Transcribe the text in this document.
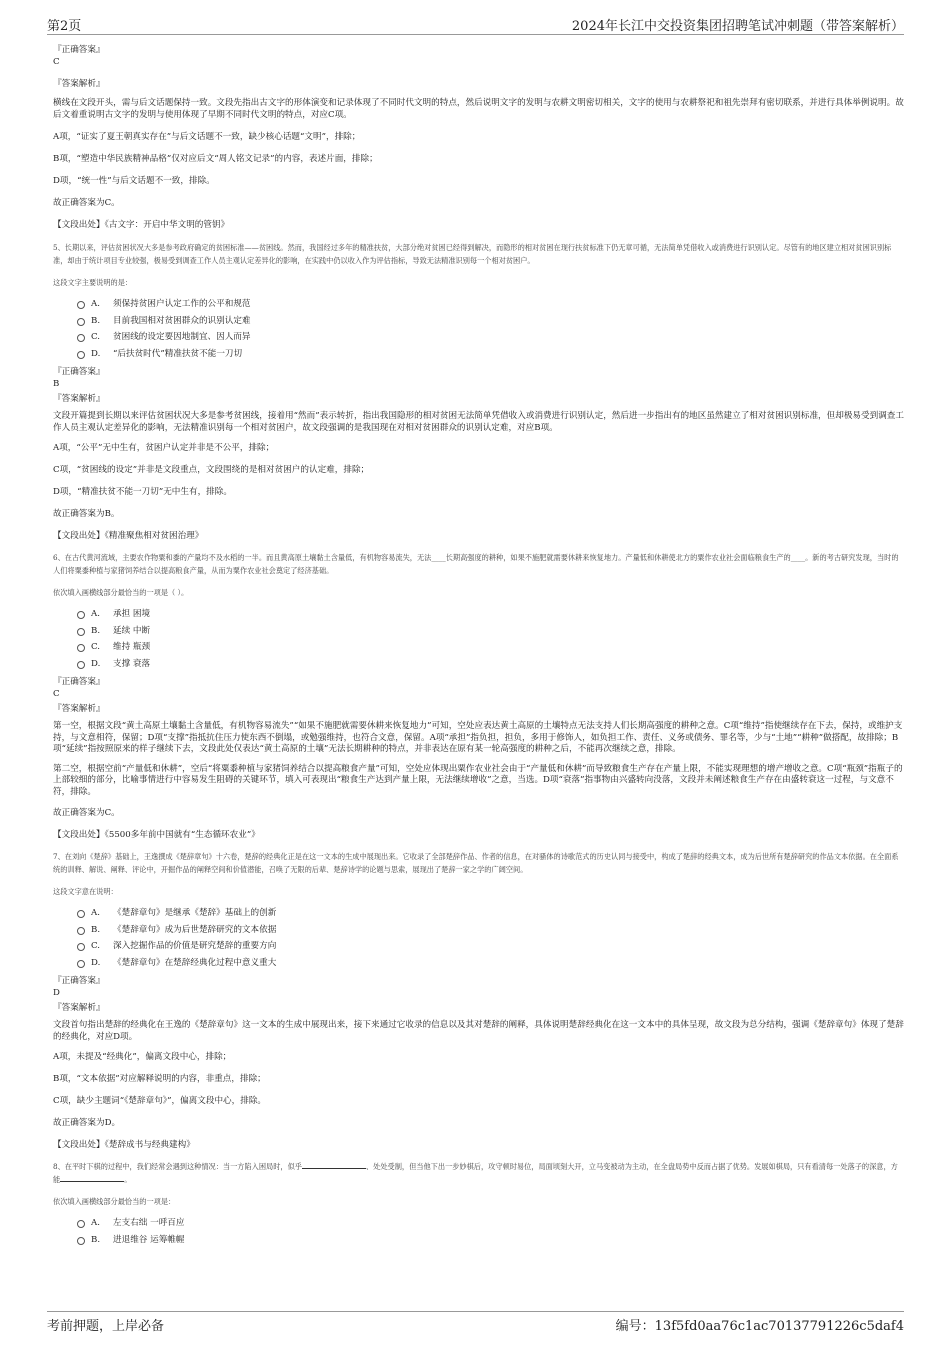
第2页	2024年长江中交投资集团招聘笔试冲刺题（带答案解析）
『正确答案』
C
『答案解析』
横线在文段开头，需与后文话题保持一致。文段先指出古文字的形体演变和记录体现了不同时代文明的特点，然后说明文字的发明与农耕文明密切相关，文字的使用与农耕祭祀和祖先崇拜有密切联系，并进行具体举例说明。故后文着重说明古文字的发明与使用体现了早期不同时代文明的特点，对应C项。
A项，“证实了夏王朝真实存在”与后文话题不一致，缺少核心话题“文明”，排除；
B项，“塑造中华民族精神品格”仅对应后文“周人铭文记录”的内容，表述片面，排除；
D项，“统一性”与后文话题不一致，排除。
故正确答案为C。
【文段出处】《古文字：开启中华文明的管钥》
5、长期以来，评估贫困状况大多是参考政府确定的贫困标准——贫困线。然而，我国经过多年的精准扶贫，大部分绝对贫困已经得到解决，而隐形的相对贫困在现行扶贫标准下仍无章可循，无法简单凭借收入或消费进行识别认定。尽管有的地区建立相对贫困识别标准，却由于统计项目专业较强，极易受到调查工作人员主观认定差异化的影响，在实践中仍以收入作为评估指标，导致无法精准识别每一个相对贫困户。
这段文字主要说明的是：
A. 须保持贫困户认定工作的公平和规范
B. 目前我国相对贫困群众的识别认定难
C. 贫困线的设定要因地制宜、因人而异
D. “后扶贫时代”精准扶贫不能一刀切
『正确答案』
B
『答案解析』
文段开篇提到长期以来评估贫困状况大多是参考贫困线，接着用“然而”表示转折，指出我国隐形的相对贫困无法简单凭借收入或消费进行识别认定，然后进一步指出有的地区虽然建立了相对贫困识别标准，但却极易受到调查工作人员主观认定差异化的影响，无法精准识别每一个相对贫困户，故文段强调的是我国现在对相对贫困群众的识别认定难，对应B项。
A项，“公平”无中生有，贫困户认定并非是不公平，排除；
C项，“贫困线的设定”并非是文段重点，文段围绕的是相对贫困户的认定难，排除；
D项，“精准扶贫不能一刀切”无中生有，排除。
故正确答案为B。
【文段出处】《精准聚焦相对贫困治理》
6、在古代黄河流域，主要农作物粟和黍的产量均不及水稻的一半。而且黄高原土壤黏土含量低，有机物容易流失，无法____长期高强度的耕种，如果不施肥就需要休耕来恢复地力。产量低和休耕使北方的粟作农业社会面临粮食生产的____。新的考古研究发现，当时的人们将粟黍种植与家猪饲养结合以提高粮食产量，从而为粟作农业社会奠定了经济基础。
依次填入画横线部分最恰当的一项是（ ）。
A. 承担 困境
B. 延续 中断
C. 维持 瓶颈
D. 支撑 衰落
『正确答案』
C
『答案解析』
第一空，根据文段“黄土高原土壤黏土含量低，有机物容易流失”“如果不施肥就需要休耕来恢复地力”可知，空处应表达黄土高原的土壤特点无法支持人们长期高强度的耕种之意。C项“维持”指使继续存在下去，保持，或维护支持，与文意相符，保留；D项“支撑”指抵抗住压力使东西不倒塌，或勉强维持，也符合文意，保留。A项“承担”指负担，担负，多用于修饰人，如负担工作、责任、义务或债务、罪名等，少与“土地”“耕种”做搭配，故排除；B项“延续”指按照原来的样子继续下去，文段此处仅表达“黄土高原的土壤”无法长期耕种的特点，并非表达在原有某一轮高强度的耕种之后，不能再次继续之意，排除。
第二空，根据空前“产量低和休耕”，空后“将粟黍种植与家猪饲养结合以提高粮食产量”可知，空处应体现出粟作农业社会由于“产量低和休耕”而导致粮食生产存在产量上限，不能实现理想的增产增收之意。C项“瓶颈”指瓶子的上部较细的部分，比喻事情进行中容易发生阻碍的关键环节，填入可表现出“粮食生产达到产量上限，无法继续增收”之意，当选。D项“衰落”指事物由兴盛转向没落，文段并未阐述粮食生产存在由盛转衰这一过程，与文意不符，排除。
故正确答案为C。
【文段出处】《5500多年前中国就有“生态循环农业”》
7、在刘向《楚辞》基础上，王逸撰成《楚辞章句》十六卷，楚辞的经典化正是在这一文本的生成中展现出来。它收录了全部楚辞作品、作者的信息，在对骚体的诗歌范式的历史认同与接受中，构成了楚辞的经典文本，成为后世所有楚辞研究的作品文本依据。在全面系统的训释、解说、阐释、评论中，开掘作品的阐释空间和价值潜能，召唤了无限的后辈、楚辞诗学的论题与思索，展现出了楚辞一家之学的广阔空间。
这段文字意在说明：
A. 《楚辞章句》是继承《楚辞》基础上的创新
B. 《楚辞章句》成为后世楚辞研究的文本依据
C. 深入挖掘作品的价值是研究楚辞的重要方向
D. 《楚辞章句》在楚辞经典化过程中意义重大
『正确答案』
D
『答案解析』
文段首句指出楚辞的经典化在王逸的《楚辞章句》这一文本的生成中展现出来，接下来通过它收录的信息以及其对楚辞的阐释，具体说明楚辞经典化在这一文本中的具体呈现，故文段为总分结构，强调《楚辞章句》体现了楚辞的经典化，对应D项。
A项，未提及“经典化”，偏离文段中心，排除；
B项，“文本依据”对应解释说明的内容，非重点，排除；
C项，缺少主题词“《楚辞章句》”，偏离文段中心，排除。
故正确答案为D。
【文段出处】《楚辞成书与经典建构》
8、在平时下棋的过程中，我们经常会遇到这种情况：当一方陷入困局时，似乎	、处处受制，但当他下出一步妙棋后，攻守顿时易位，局面顷刻大开，立马变被动为主动，在全盘局势中反而占据了优势。发展如棋局，只有看清每一处落子的深意，方能	。
依次填入画横线部分最恰当的一项是：
A. 左支右绌 一呼百应
B. 进退维谷 运筹帷幄
考前押题，上岸必备	编号：13f5fd0aa76c1ac70137791226c5daf4
